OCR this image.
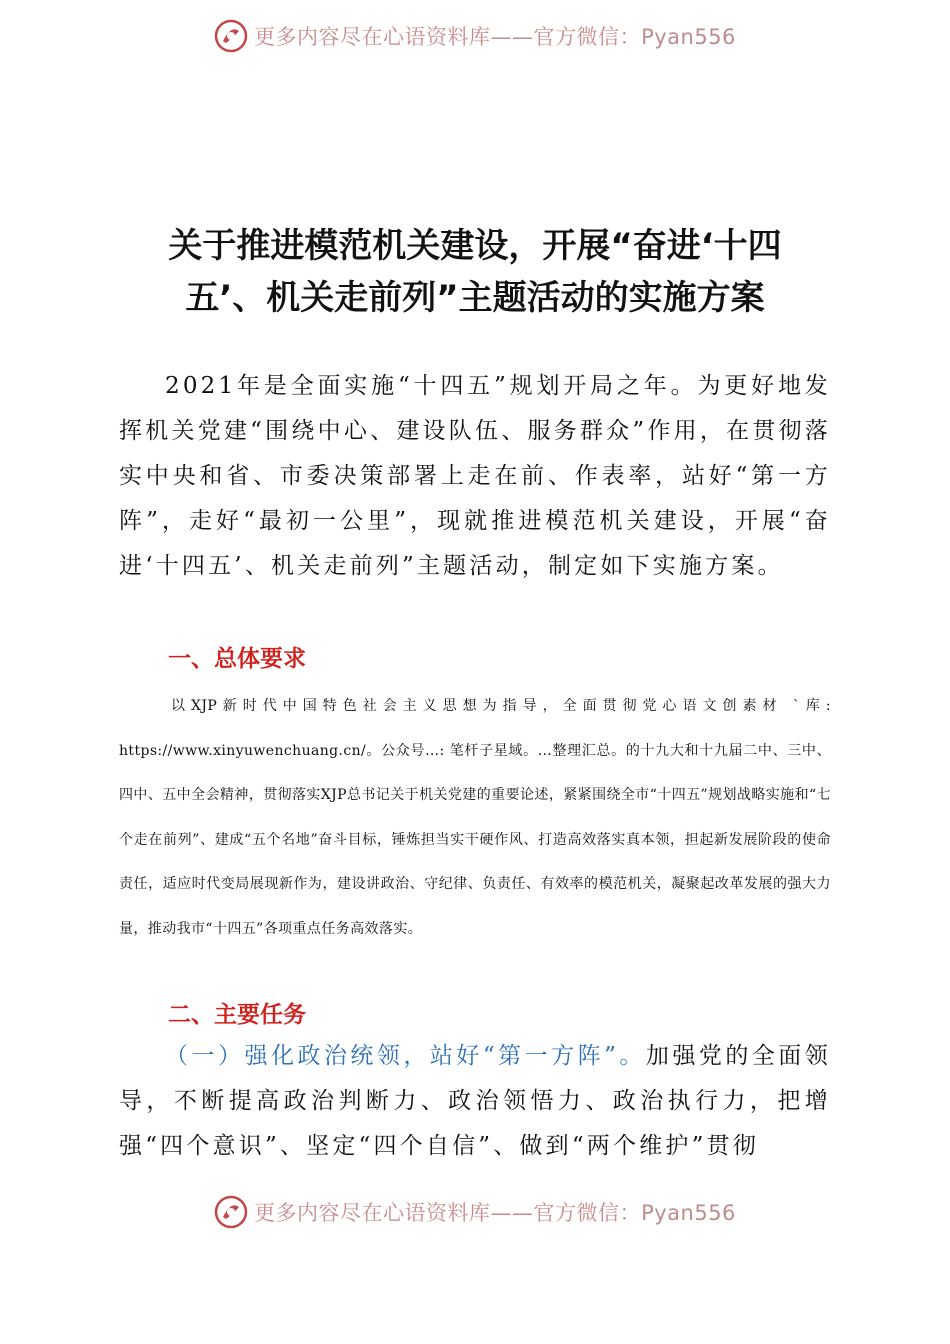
更多内容尽在心语资料库——官方微信：Pyan556
关于推进模范机关建设，开展“奋进‘十四
五’、机关走前列”主题活动的实施方案

2021年是全面实施“十四五”规划开局之年。为更好地发挥机关党建“围绕中心、建设队伍、服务群众”作用，在贯彻落实中央和省、市委决策部署上走在前、作表率，站好“第一方阵”，走好“最初一公里”，现就推进模范机关建设，开展“奋进‘十四五’、机关走前列”主题活动，制定如下实施方案。

一、总体要求

以XJP新时代中国特色社会主义思想为指导，全面贯彻党心语文创素材 `库: https://www.xinyuwenchuang.cn/。公众号…: 笔杆子星域。…整理汇总。的十九大和十九届二中、三中、四中、五中全会精神，贯彻落实XJP总书记关于机关党建的重要论述，紧紧围绕全市“十四五”规划战略实施和“七个走在前列”、建成“五个名地”奋斗目标，锤炼担当实干硬作风、打造高效落实真本领，担起新发展阶段的使命责任，适应时代变局展现新作为，建设讲政治、守纪律、负责任、有效率的模范机关，凝聚起改革发展的强大力量，推动我市“十四五”各项重点任务高效落实。

二、主要任务

（一）强化政治统领，站好“第一方阵”。加强党的全面领导，不断提高政治判断力、政治领悟力、政治执行力，把增强“四个意识”、坚定“四个自信”、做到“两个维护”贯彻

更多内容尽在心语资料库——官方微信：Pyan556
